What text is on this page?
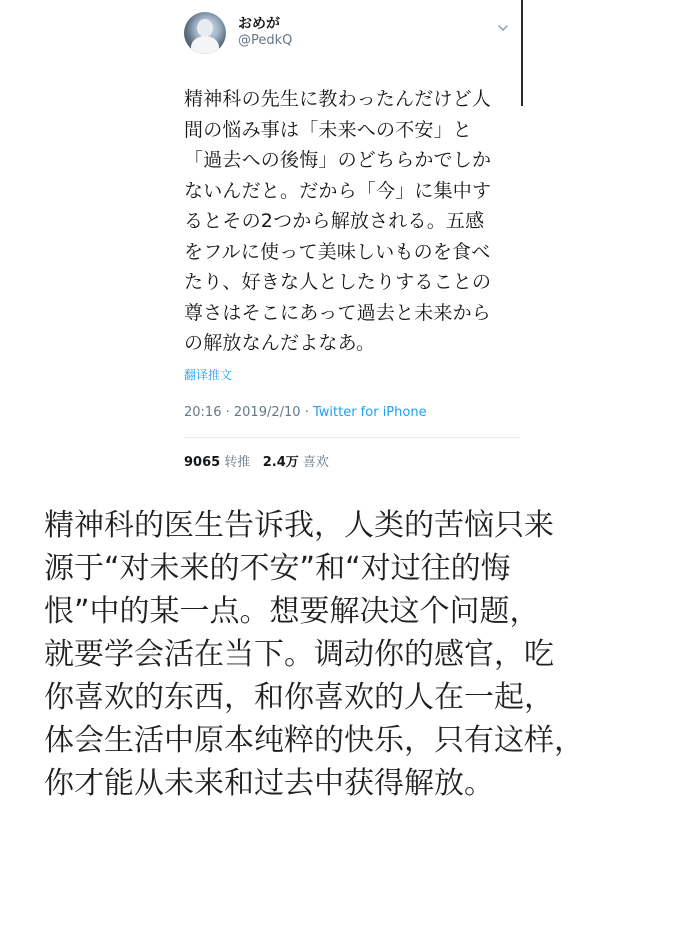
おめが
@PedkQ
精神科の先生に教わったんだけど人
間の悩み事は「未来への不安」と
「過去への後悔」のどちらかでしか
ないんだと。だから「今」に集中す
るとその2つから解放される。五感
をフルに使って美味しいものを食べ
たり、好きな人としたりすることの
尊さはそこにあって過去と未来から
の解放なんだよなあ。
翻译推文
20:16 · 2019/2/10 · Twitter for iPhone
9065 转推 2.4万 喜欢
精神科的医生告诉我，人类的苦恼只来
源于“对未来的不安”和“对过往的悔
恨”中的某一点。想要解决这个问题，
就要学会活在当下。调动你的感官，吃
你喜欢的东西，和你喜欢的人在一起，
体会生活中原本纯粹的快乐，只有这样，
你才能从未来和过去中获得解放。
